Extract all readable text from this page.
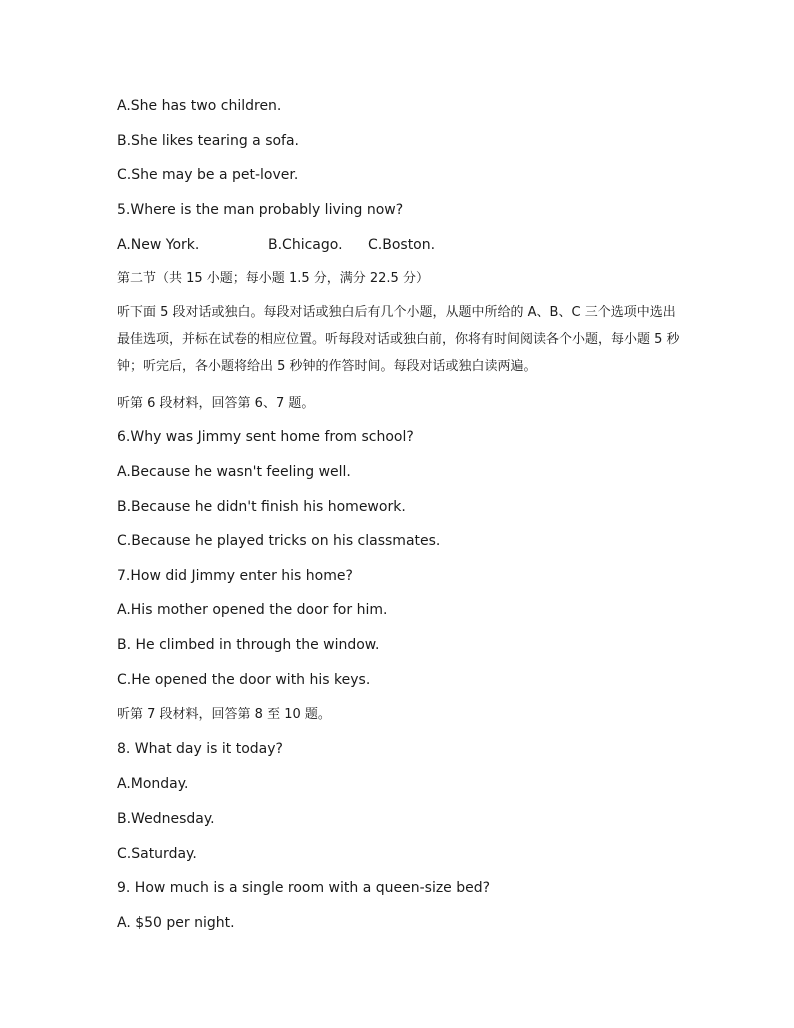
A.She has two children.
B.She likes tearing a sofa.
C.She may be a pet-lover.
5.Where is the man probably living now?
A.New York.	B.Chicago. C.Boston.
第二节（共 15 小题；每小题 1.5 分，满分 22.5 分）
听下面 5 段对话或独白。每段对话或独白后有几个小题，从题中所给的 A、B、C 三个选项中选出最佳选项，并标在试卷的相应位置。听每段对话或独白前，你将有时间阅读各个小题，每小题 5 秒钟；听完后，各小题将给出 5 秒钟的作答时间。每段对话或独白读两遍。
听第 6 段材料，回答第 6、7 题。
6.Why was Jimmy sent home from school?
A.Because he wasn't feeling well.
B.Because he didn't finish his homework.
C.Because he played tricks on his classmates.
7.How did Jimmy enter his home?
A.His mother opened the door for him.
B. He climbed in through the window.
C.He opened the door with his keys.
听第 7 段材料，回答第 8 至 10 题。
8. What day is it today?
A.Monday.
B.Wednesday.
C.Saturday.
9. How much is a single room with a queen-size bed?
A. $50 per night.
